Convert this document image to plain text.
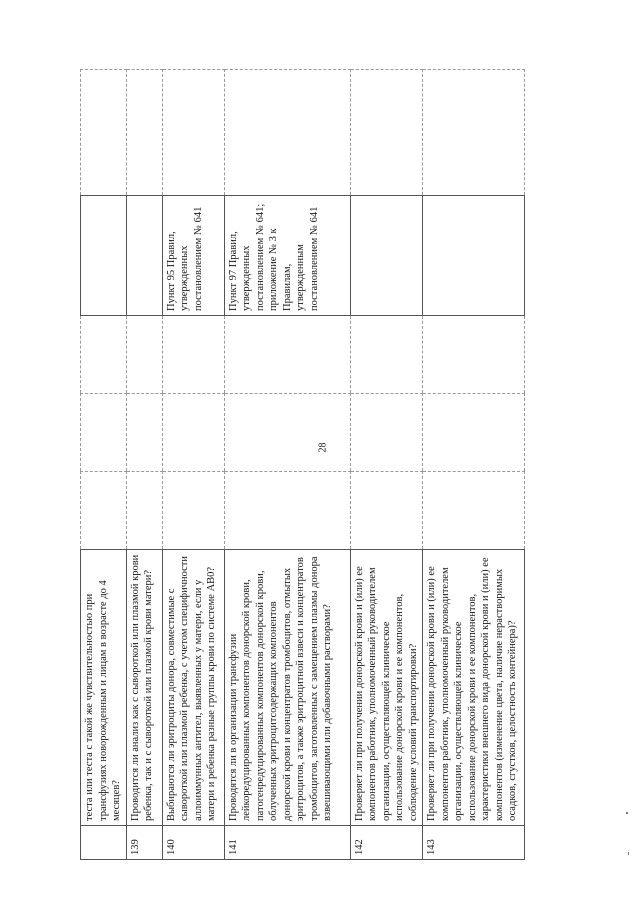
28
	теста или теста с такой же чувствительностью при трансфузиях новорожденным и лицам в возрасте до 4 месяцев?					
139	Проводится ли анализ как с сывороткой или плазмой крови ребенка, так и с сывороткой или плазмой крови матери?					
140	Выбираются ли эритроциты донора, совместимые с сывороткой или плазмой ребенка, с учетом специфичности аллоиммунных антител, выявленных у матери, если у матери и ребенка разные группы крови по системе АВ0?				Пункт 95 Правил, утвержденных постановлением № 641	
141	Проводятся ли в организации трансфузии лейкоредуцированных компонентов донорской крови, патогенредуцированных компонентов донорской крови, облученных эритроцитсодержащих компонентов донорской крови и концентратов тромбоцитов, отмытых эритроцитов, а также эритроцитной взвеси и концентратов тромбоцитов, заготовленных с замещением плазмы донора взвешивающими или добавочными растворами?				Пункт 97 Правил, утвержденных постановлением № 641; приложение № 3 к Правилам, утвержденным постановлением № 641	
142	Проверяет ли при получении донорской крови и (или) ее компонентов работник, уполномоченный руководителем организации, осуществляющей клиническое использование донорской крови и ее компонентов, соблюдение условий транспортировки?					
143	Проверяет ли при получении донорской крови и (или) ее компонентов работник, уполномоченный руководителем организации, осуществляющей клиническое использование донорской крови и ее компонентов, характеристики внешнего вида донорской крови и (или) ее компонентов (изменение цвета, наличие нерастворимых осадков, сгустков, целостность контейнера)?					
